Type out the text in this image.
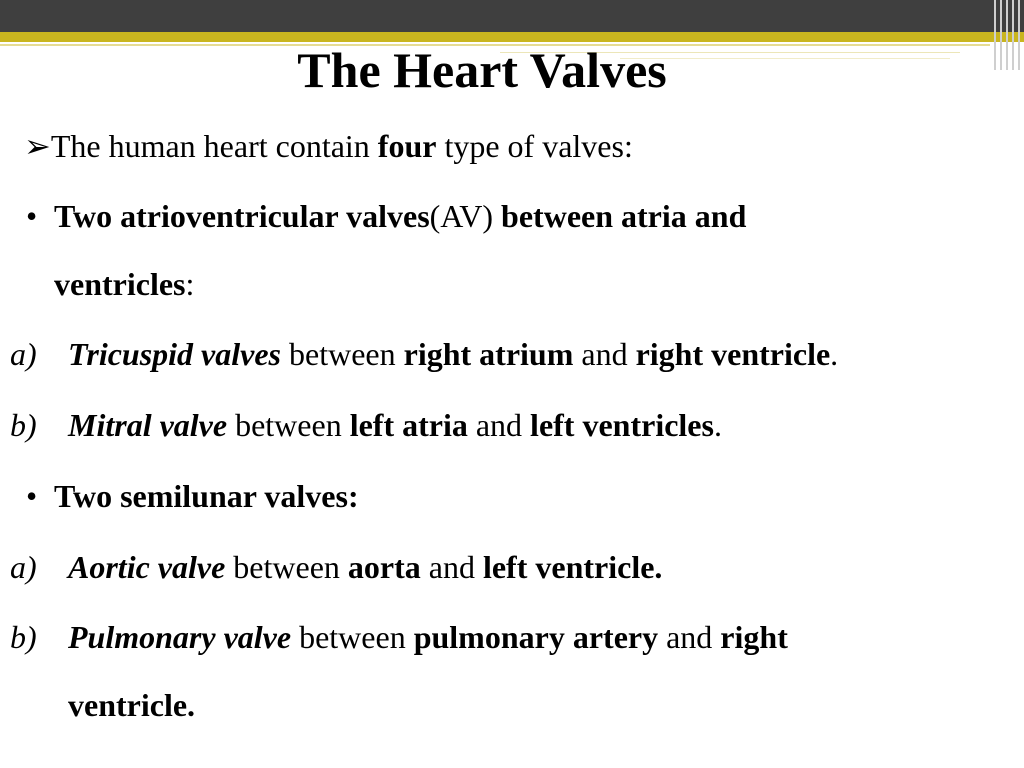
The Heart Valves
➢The human heart contain four type of valves:
• Two atrioventricular valves(AV) between atria and
ventricles:
a) Tricuspid valves between right atrium and right ventricle.
b) Mitral valve between left atria and left ventricles.
• Two semilunar valves:
a) Aortic valve between aorta and left ventricle.
b) Pulmonary valve between pulmonary artery and right
ventricle.
